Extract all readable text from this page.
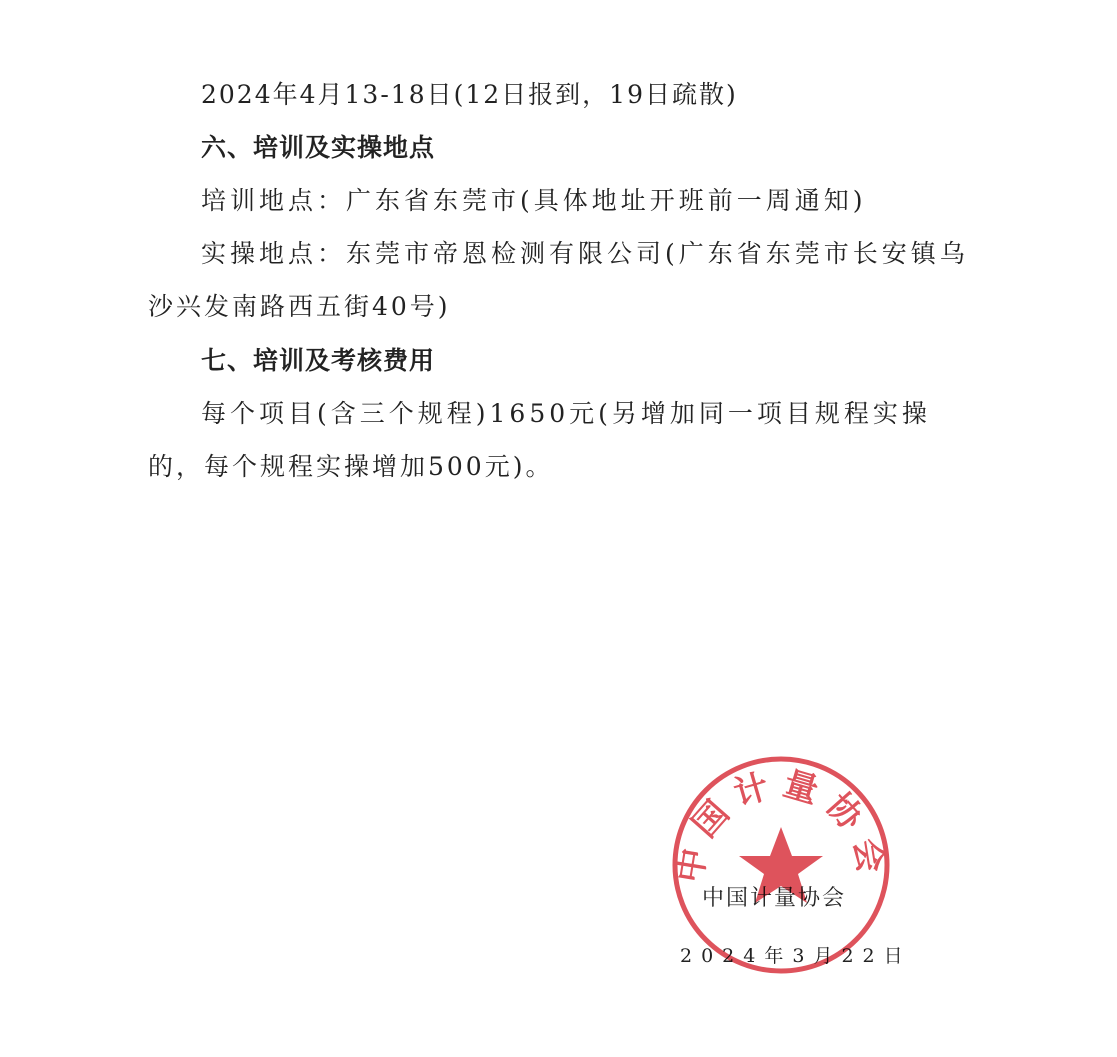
2024年4月13-18日(12日报到，19日疏散)
六、培训及实操地点
培训地点：广东省东莞市(具体地址开班前一周通知)
实操地点：东莞市帝恩检测有限公司(广东省东莞市长安镇乌
沙兴发南路西五街40号)
七、培训及考核费用
每个项目(含三个规程)1650元(另增加同一项目规程实操
的，每个规程实操增加500元)。
中国计量协会
2024年3月22日
中国计量协会
